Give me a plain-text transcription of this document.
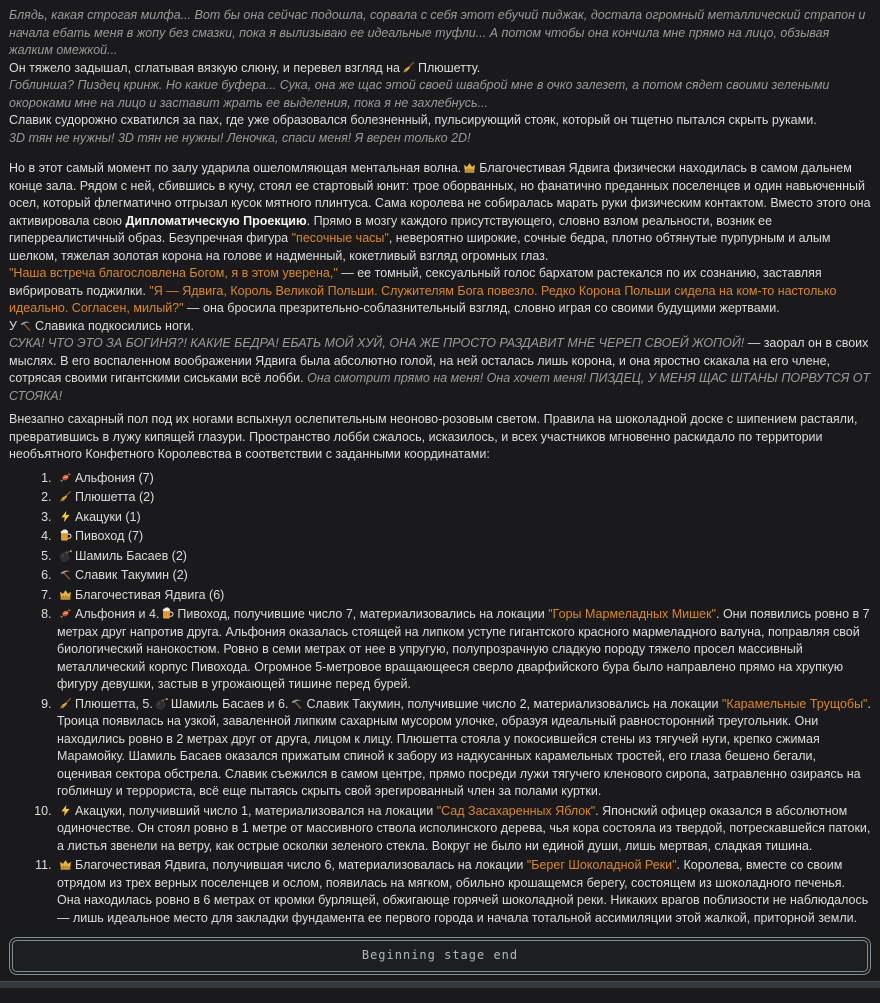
Блядь, какая строгая милфа... Вот бы она сейчас подошла, сорвала с себя этот ебучий пиджак, достала огромный металлический страпон и начала ебать меня в жопу без смазки, пока я вылизываю ее идеальные туфли... А потом чтобы она кончила мне прямо на лицо, обзывая жалким омежкой...

Он тяжело задышал, сглатывая вязкую слюну, и перевел взгляд на Плюшетту.

Гоблинша? Пиздец кринж. Но какие буфера... Сука, она же щас этой своей шваброй мне в очко залезет, а потом сядет своими зелеными окороками мне на лицо и заставит жрать ее выделения, пока я не захлебнусь...

Славик судорожно схватился за пах, где уже образовался болезненный, пульсирующий стояк, который он тщетно пытался скрыть руками.

3D тян не нужны! 3D тян не нужны! Леночка, спаси меня! Я верен только 2D!

Но в этот самый момент по залу ударила ошеломляющая ментальная волна. Благочестивая Ядвига физически находилась в самом дальнем конце зала. Рядом с ней, сбившись в кучу, стоял ее стартовый юнит: трое оборванных, но фанатично преданных поселенцев и один навьюченный осел, который флегматично отгрызал кусок мятного плинтуса. Сама королева не собиралась марать руки физическим контактом. Вместо этого она активировала свою Дипломатическую Проекцию. Прямо в мозгу каждого присутствующего, словно взлом реальности, возник ее гиперреалистичный образ. Безупречная фигура "песочные часы", невероятно широкие, сочные бедра, плотно обтянутые пурпурным и алым шелком, тяжелая золотая корона на голове и надменный, кокетливый взгляд огромных глаз.

"Наша встреча благословлена Богом, я в этом уверена," — ее томный, сексуальный голос бархатом растекался по их сознанию, заставляя вибрировать поджилки. "Я — Ядвига, Король Великой Польши. Служителям Бога повезло. Редко Корона Польши сидела на ком-то настолько идеально. Согласен, милый?" — она бросила презрительно-соблазнительный взгляд, словно играя со своими будущими жертвами.

У Славика подкосились ноги.

СУКА! ЧТО ЭТО ЗА БОГИНЯ?! КАКИЕ БЕДРА! ЕБАТЬ МОЙ ХУЙ, ОНА ЖЕ ПРОСТО РАЗДАВИТ МНЕ ЧЕРЕП СВОЕЙ ЖОПОЙ! — заорал он в своих мыслях. В его воспаленном воображении Ядвига была абсолютно голой, на ней осталась лишь корона, и она яростно скакала на его члене, сотрясая своими гигантскими сиськами всё лобби. Она смотрит прямо на меня! Она хочет меня! ПИЗДЕЦ, У МЕНЯ ЩАС ШТАНЫ ПОРВУТСЯ ОТ СТОЯКА!

Внезапно сахарный пол под их ногами вспыхнул ослепительным неоново-розовым светом. Правила на шоколадной доске с шипением растаяли, превратившись в лужу кипящей глазури. Пространство лобби сжалось, исказилось, и всех участников мгновенно раскидало по территории необъятного Конфетного Королевства в соответствии с заданными координатами:

1. Альфония (7)
2. Плюшетта (2)
3. Акацуки (1)
4. Пивоход (7)
5. Шамиль Басаев (2)
6. Славик Такумин (2)
7. Благочестивая Ядвига (6)
8. Альфония и 4. Пивоход, получившие число 7, материализовались на локации "Горы Мармеладных Мишек". Они появились ровно в 7 метрах друг напротив друга. Альфония оказалась стоящей на липком уступе гигантского красного мармеладного валуна, поправляя свой биологический нанокостюм. Ровно в семи метрах от нее в упругую, полупрозрачную сладкую породу тяжело просел массивный металлический корпус Пивохода. Огромное 5-метровое вращающееся сверло дварфийского бура было направлено прямо на хрупкую фигуру девушки, застыв в угрожающей тишине перед бурей.
9. Плюшетта, 5. Шамиль Басаев и 6. Славик Такумин, получившие число 2, материализовались на локации "Карамельные Трущобы". Троица появилась на узкой, заваленной липким сахарным мусором улочке, образуя идеальный равносторонний треугольник. Они находились ровно в 2 метрах друг от друга, лицом к лицу. Плюшетта стояла у покосившейся стены из тягучей нуги, крепко сжимая Марамойку. Шамиль Басаев оказался прижатым спиной к забору из надкусанных карамельных тростей, его глаза бешено бегали, оценивая сектора обстрела. Славик съежился в самом центре, прямо посреди лужи тягучего кленового сиропа, затравленно озираясь на гоблиншу и террориста, всё еще пытаясь скрыть свой эрегированный член за полами куртки.
10. Акацуки, получивший число 1, материализовался на локации "Сад Засахаренных Яблок". Японский офицер оказался в абсолютном одиночестве. Он стоял ровно в 1 метре от массивного ствола исполинского дерева, чья кора состояла из твердой, потрескавшейся патоки, а листья звенели на ветру, как острые осколки зеленого стекла. Вокруг не было ни единой души, лишь мертвая, сладкая тишина.
11. Благочестивая Ядвига, получившая число 6, материализовалась на локации "Берег Шоколадной Реки". Королева, вместе со своим отрядом из трех верных поселенцев и ослом, появилась на мягком, обильно крошащемся берегу, состоящем из шоколадного печенья. Она находилась ровно в 6 метрах от кромки бурлящей, обжигающе горячей шоколадной реки. Никаких врагов поблизости не наблюдалось — лишь идеальное место для закладки фундамента ее первого города и начала тотальной ассимиляции этой жалкой, приторной земли.
Beginning stage end
